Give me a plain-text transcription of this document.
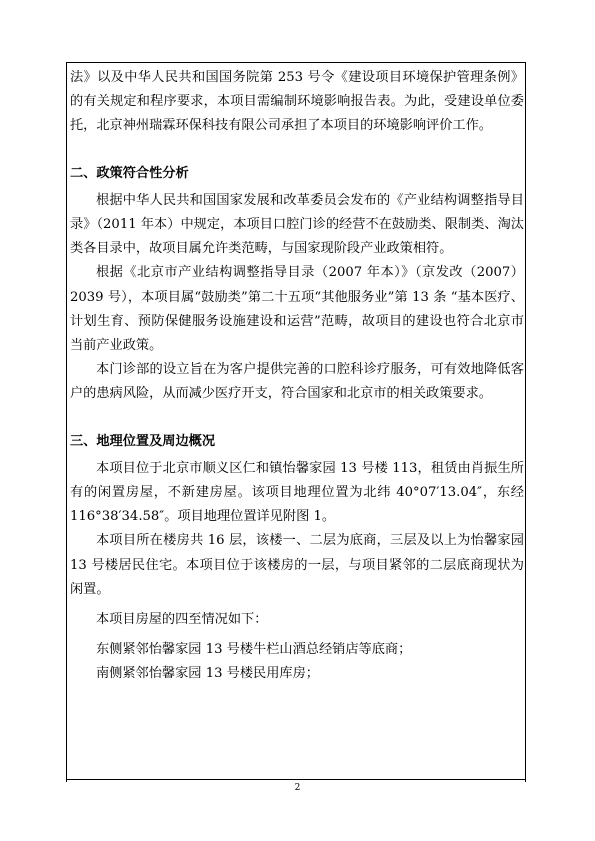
法》以及中华人民共和国国务院第 253 号令《建设项目环境保护管理条例》的有关规定和程序要求，本项目需编制环境影响报告表。为此，受建设单位委托，北京神州瑞霖环保科技有限公司承担了本项目的环境影响评价工作。

二、政策符合性分析

根据中华人民共和国国家发展和改革委员会发布的《产业结构调整指导目录》（2011 年本）中规定，本项目口腔门诊的经营不在鼓励类、限制类、淘汰类各目录中，故项目属允许类范畴，与国家现阶段产业政策相符。

根据《北京市产业结构调整指导目录（2007 年本）》（京发改（2007）2039 号），本项目属“鼓励类”第二十五项“其他服务业”第 13 条 “基本医疗、计划生育、预防保健服务设施建设和运营”范畴，故项目的建设也符合北京市当前产业政策。

本门诊部的设立旨在为客户提供完善的口腔科诊疗服务，可有效地降低客户的患病风险，从而减少医疗开支，符合国家和北京市的相关政策要求。

三、地理位置及周边概况

本项目位于北京市顺义区仁和镇怡馨家园 13 号楼 113，租赁由肖振生所有的闲置房屋，不新建房屋。该项目地理位置为北纬 40°07′13.04″，东经 116°38′34.58″。项目地理位置详见附图 1。

本项目所在楼房共 16 层，该楼一、二层为底商，三层及以上为怡馨家园 13 号楼居民住宅。本项目位于该楼房的一层，与项目紧邻的二层底商现状为闲置。

本项目房屋的四至情况如下：

东侧紧邻怡馨家园 13 号楼牛栏山酒总经销店等底商；

南侧紧邻怡馨家园 13 号楼民用库房；

2
